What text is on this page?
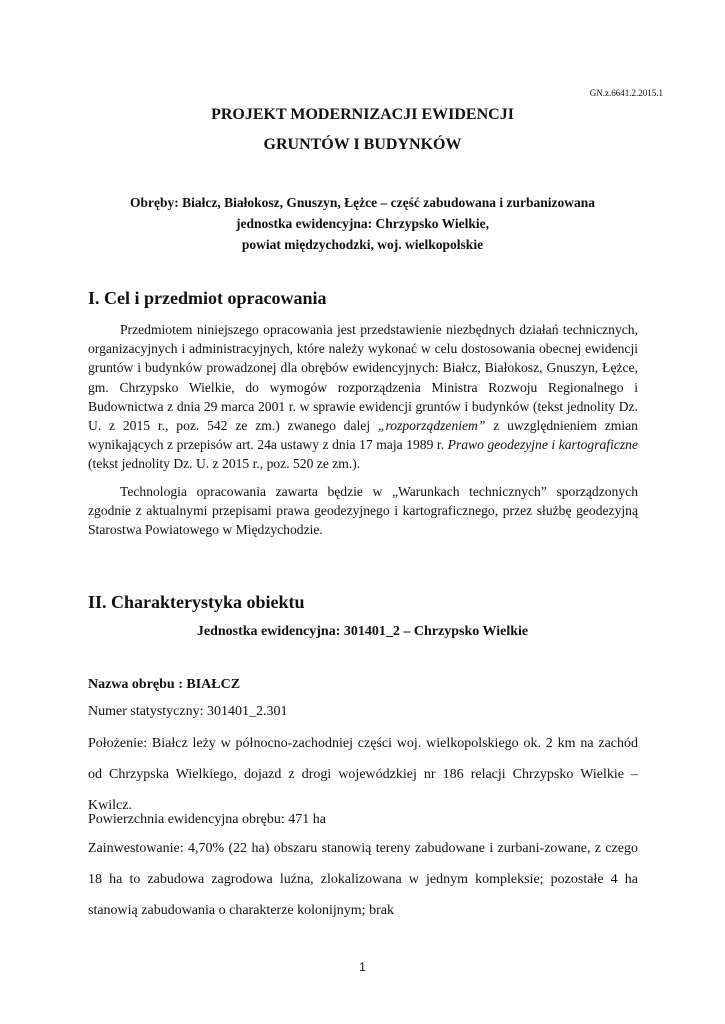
GN.z.6641.2.2015.1
PROJEKT MODERNIZACJI EWIDENCJI
GRUNTÓW I BUDYNKÓW
Obręby: Białcz, Białokosz, Gnuszyn, Łężce – część zabudowana i zurbanizowana
jednostka ewidencyjna: Chrzypsko Wielkie,
powiat międzychodzki, woj. wielkopolskie
I. Cel i przedmiot opracowania
Przedmiotem niniejszego opracowania jest przedstawienie niezbędnych działań technicznych, organizacyjnych i administracyjnych, które należy wykonać w celu dostosowania obecnej ewidencji gruntów i budynków prowadzonej dla obrębów ewidencyjnych: Białcz, Białokosz, Gnuszyn, Łężce, gm. Chrzypsko Wielkie, do wymogów rozporządzenia Ministra Rozwoju Regionalnego i Budownictwa z dnia 29 marca 2001 r. w sprawie ewidencji gruntów i budynków (tekst jednolity Dz. U. z 2015 r., poz. 542 ze zm.) zwanego dalej „rozporządzeniem” z uwzględnieniem zmian wynikających z przepisów art. 24a ustawy z dnia 17 maja 1989 r. Prawo geodezyjne i kartograficzne (tekst jednolity Dz. U. z 2015 r., poz. 520 ze zm.).
Technologia opracowania zawarta będzie w „Warunkach technicznych” sporządzonych zgodnie z aktualnymi przepisami prawa geodezyjnego i kartograficznego, przez służbę geodezyjną Starostwa Powiatowego w Międzychodzie.
II. Charakterystyka obiektu
Jednostka ewidencyjna: 301401_2 – Chrzypsko Wielkie
Nazwa obrębu : BIAŁCZ
Numer statystyczny: 301401_2.301
Położenie: Białcz leży w północno-zachodniej części woj. wielkopolskiego ok. 2 km na zachód od Chrzypska Wielkiego, dojazd z drogi wojewódzkiej nr 186 relacji Chrzypsko Wielkie – Kwilcz.
Powierzchnia ewidencyjna obrębu: 471 ha
Zainwestowanie: 4,70% (22 ha) obszaru stanowią tereny zabudowane i zurbani-zowane, z czego 18 ha to zabudowa zagrodowa luźna, zlokalizowana w jednym kompleksie; pozostałe 4 ha stanowią zabudowania o charakterze kolonijnym; brak
1
